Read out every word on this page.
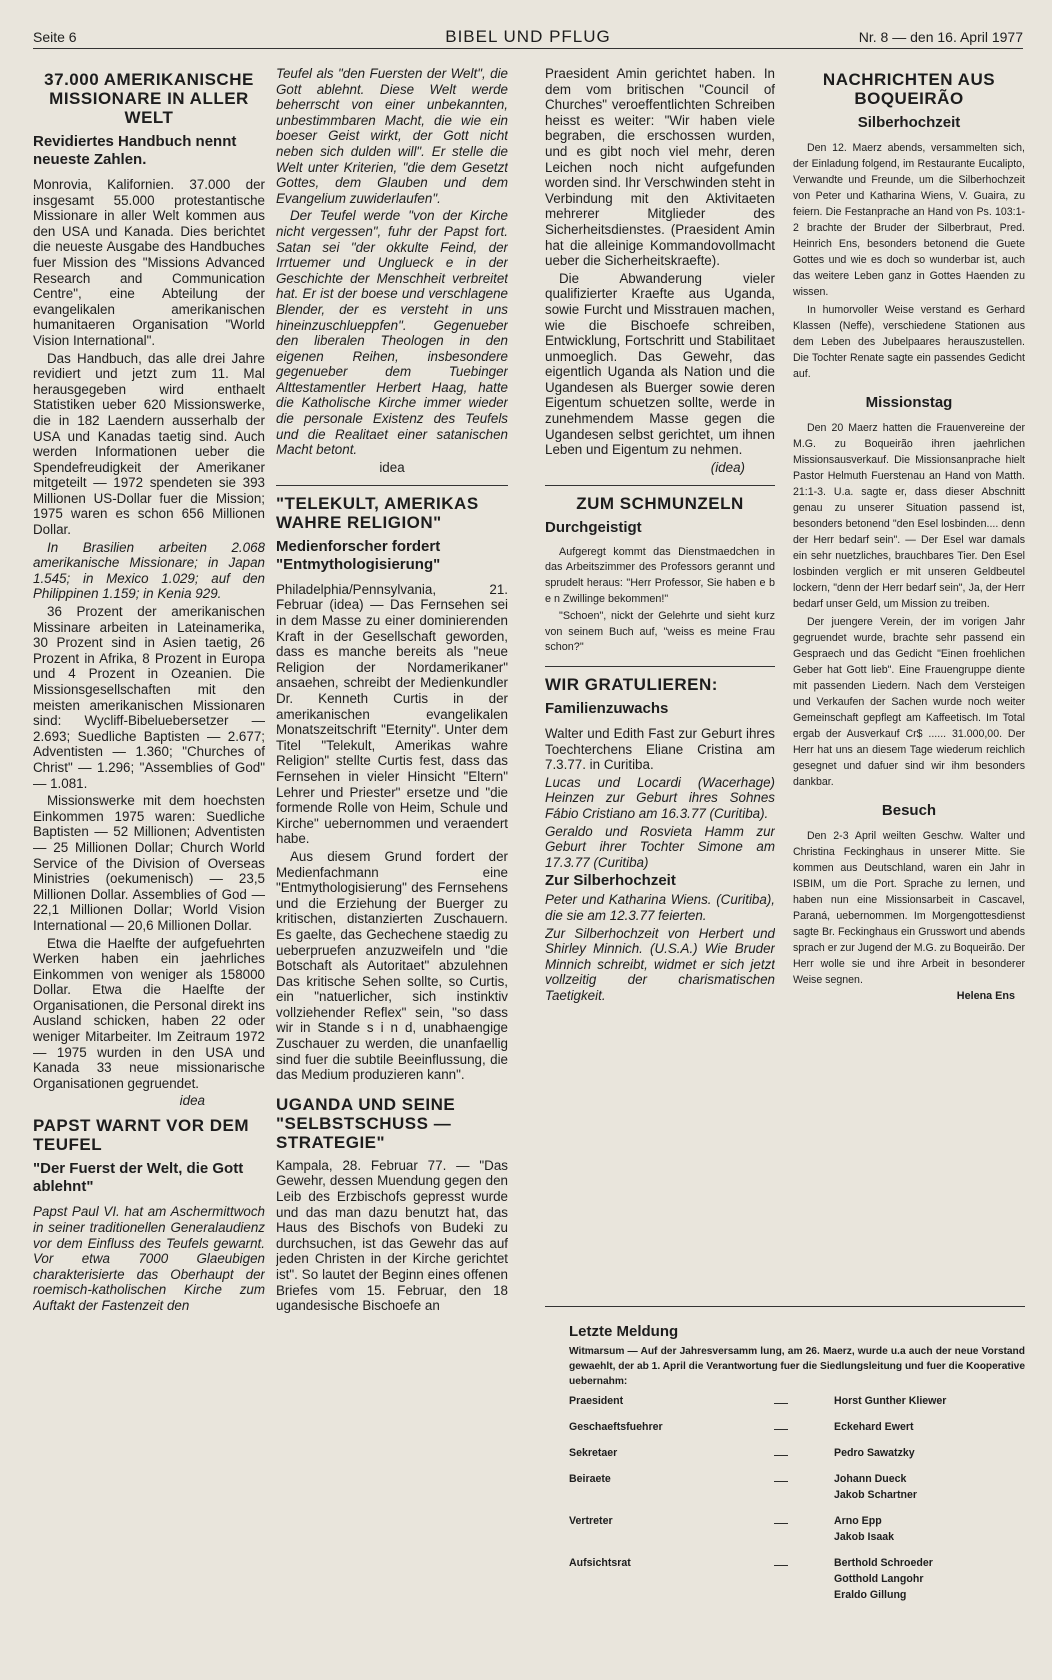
Seite 6	BIBEL UND PFLUG	Nr. 8 — den 16. April 1977
37.000 AMERIKANISCHE MISSIONARE IN ALLER WELT
Revidiertes Handbuch nennt neueste Zahlen.

Monrovia, Kalifornien. 37.000 der insgesamt 55.000 protestantische Missionare in aller Welt kommen aus den USA und Kanada. Dies berichtet die neueste Ausgabe des Handbuches fuer Mission des "Missions Advanced Research and Communication Centre", eine Abteilung der evangelikalen amerikanischen humanitaeren Organisation "World Vision International".

Das Handbuch, das alle drei Jahre revidiert und jetzt zum 11. Mal herausgegeben wird enthaelt Statistiken ueber 620 Missionswerke, die in 182 Laendern ausserhalb der USA und Kanadas taetig sind. Auch werden Informationen ueber die Spendefreudigkeit der Amerikaner mitgeteilt — 1972 spendeten sie 393 Millionen US-Dollar fuer die Mission; 1975 waren es schon 656 Millionen Dollar.

In Brasilien arbeiten 2.068 amerikanische Missionare; in Japan 1.545; in Mexico 1.029; auf den Philippinen 1.159; in Kenia 929.

36 Prozent der amerikanischen Missinare arbeiten in Lateinamerika, 30 Prozent sind in Asien taetig, 26 Prozent in Afrika, 8 Prozent in Europa und 4 Prozent in Ozeanien. Die Missionsgesellschaften mit den meisten amerikanischen Missionaren sind: Wycliff-Bibeluebersetzer — 2.693; Suedliche Baptisten — 2.677; Adventisten — 1.360; "Churches of Christ" — 1.296; "Assemblies of God" — 1.081.

Missionswerke mit dem hoechsten Einkommen 1975 waren: Suedliche Baptisten — 52 Millionen; Adventisten — 25 Millionen Dollar; Church World Service of the Division of Overseas Ministries (oekumenisch) — 23,5 Millionen Dollar. Assemblies of God — 22,1 Millionen Dollar; World Vision International — 20,6 Millionen Dollar.

Etwa die Haelfte der aufgefuehrten Werken haben ein jaehrliches Einkommen von weniger als 158000 Dollar. Etwa die Haelfte der Organisationen, die Personal direkt ins Ausland schicken, haben 22 oder weniger Mitarbeiter. Im Zeitraum 1972 — 1975 wurden in den USA und Kanada 33 neue missionarische Organisationen gegruendet.

idea
PAPST WARNT VOR DEM TEUFEL
"Der Fuerst der Welt, die Gott ablehnt"

Papst Paul VI. hat am Aschermittwoch in seiner traditionellen Generalaudienz vor dem Einfluss des Teufels gewarnt. Vor etwa 7000 Glaeubigen charakterisierte das Oberhaupt der roemisch-katholischen Kirche zum Auftakt der Fastenzeit den

Teufel als "den Fuersten der Welt", die Gott ablehnt. Diese Welt werde beherrscht von einer unbekannten, unbestimmbaren Macht, die wie ein boeser Geist wirkt, der Gott nicht neben sich dulden will". Er stelle die Welt unter Kriterien, "die dem Gesetzt Gottes, dem Glauben und dem Evangelium zuwiderlaufen".

Der Teufel werde "von der Kirche nicht vergessen", fuhr der Papst fort. Satan sei "der okkulte Feind, der Irrtuemer und Unglueck e in der Geschichte der Menschheit verbreitet hat. Er ist der boese und verschlagene Blender, der es versteht in uns hineinzuschlueppfen". Gegenueber den liberalen Theologen in den eigenen Reihen, insbesondere gegenueber dem Tuebinger Alttestamentler Herbert Haag, hatte die Katholische Kirche immer wieder die personale Existenz des Teufels und die Realitaet einer satanischen Macht betont.

idea
"TELEKULT, AMERIKAS WAHRE RELIGION"
Medienforscher fordert "Entmythologisierung"

Philadelphia/Pennsylvania, 21. Februar (idea) — Das Fernsehen sei in dem Masse zu einer dominierenden Kraft in der Gesellschaft geworden, dass es manche bereits als "neue Religion der Nordamerikaner" ansaehen, schreibt der Medienkundler Dr. Kenneth Curtis in der amerikanischen evangelikalen Monatszeitschrift "Eternity". Unter dem Titel "Telekult, Amerikas wahre Religion" stellte Curtis fest, dass das Fernsehen in vieler Hinsicht "Eltern" Lehrer und Priester" ersetze und "die formende Rolle von Heim, Schule und Kirche" uebernommen und veraendert habe.

Aus diesem Grund fordert der Medienfachmann eine "Entmythologisierung" des Fernsehens und die Erziehung der Buerger zu kritischen, distanzierten Zuschauern. Es gaelte, das Gechechene staedig zu ueberpruefen anzuzweifeln und "die Botschaft als Autoritaet" abzulehnen Das kritische Sehen sollte, so Curtis, ein "natuerlicher, sich instinktiv vollziehender Reflex" sein, "so dass wir in Stande s i n d, unabhaengige Zuschauer zu werden, die unanfaellig sind fuer die subtile Beeinflussung, die das Medium produzieren kann".

UGANDA UND SEINE "SELBSTSCHUSS — STRATEGIE"

Kampala, 28. Februar 77. — "Das Gewehr, dessen Muendung gegen den Leib des Erzbischofs gepresst wurde und das man dazu benutzt hat, das Haus des Bischofs von Budeki zu durchsuchen, ist das Gewehr das auf jeden Christen in der Kirche gerichtet ist". So lautet der Beginn eines offenen Briefes vom 15. Februar, den 18 ugandesische Bischoefe an

Praesident Amin gerichtet haben. In dem vom britischen "Council of Churches" veroeffentlichten Schreiben heisst es weiter: "Wir haben viele begraben, die erschossen wurden, und es gibt noch viel mehr, deren Leichen noch nicht aufgefunden worden sind. Ihr Verschwinden steht in Verbindung mit den Aktivitaeten mehrerer Mitglieder des Sicherheitsdienstes. (Praesident Amin hat die alleinige Kommandovollmacht ueber die Sicherheitskraefte).

Die Abwanderung vieler qualifizierter Kraefte aus Uganda, sowie Furcht und Misstrauen machen, wie die Bischoefe schreiben, Entwicklung, Fortschritt und Stabilitaet unmoeglich. Das Gewehr, das eigentlich Uganda als Nation und die Ugandesen als Buerger sowie deren Eigentum schuetzen sollte, werde in zunehmendem Masse gegen die Ugandesen selbst gerichtet, um ihnen Leben und Eigentum zu nehmen.

(idea)
ZUM SCHMUNZELN
Durchgeistigt

Aufgeregt kommt das Dienstmaedchen in das Arbeitszimmer des Professors gerannt und sprudelt heraus: "Herr Professor, Sie haben e b e n Zwillinge bekommen!"

"Schoen", nickt der Gelehrte und sieht kurz von seinem Buch auf, "weiss es meine Frau schon?"

WIR GRATULIEREN:
Familienzuwachs

Walter und Edith Fast zur Geburt ihres Toechterchens Eliane Cristina am 7.3.77. in Curitiba.

Lucas und Locardi (Wacerhage) Heinzen zur Geburt ihres Sohnes Fábio Cristiano am 16.3.77 (Curitiba).

Geraldo und Rosvieta Hamm zur Geburt ihrer Tochter Simone am 17.3.77 (Curitiba)

Zur Silberhochzeit

Peter und Katharina Wiens. (Curitiba), die sie am 12.3.77 feierten.

Zur Silberhochzeit von Herbert und Shirley Minnich. (U.S.A.) Wie Bruder Minnich schreibt, widmet er sich jetzt vollzeitig der charismatischen Taetigkeit.

NACHRICHTEN AUS BOQUEIRÃO
Silberhochzeit

Den 12. Maerz abends, versammelten sich, der Einladung folgend, im Restaurante Eucalipto, Verwandte und Freunde, um die Silberhochzeit von Peter und Katharina Wiens, V. Guaira, zu feiern. Die Festanprache an Hand von Ps. 103:1-2 brachte der Bruder der Silberbraut, Pred. Heinrich Ens, besonders betonend die Guete Gottes und wie es doch so wunderbar ist, auch das weitere Leben ganz in Gottes Haenden zu wissen.

In humorvoller Weise verstand es Gerhard Klassen (Neffe), verschiedene Stationen aus dem Leben des Jubelpaares herauszustellen. Die Tochter Renate sagte ein passendes Gedicht auf.

Missionstag

Den 20 Maerz hatten die Frauenvereine der M.G. zu Boqueirão ihren jaehrlichen Missionsausverkauf. Die Missionsanprache hielt Pastor Helmuth Fuerstenau an Hand von Matth. 21:1-3. U.a. sagte er, dass dieser Abschnitt genau zu unserer Situation passend ist, besonders betonend "den Esel losbinden.... denn der Herr bedarf sein". — Der Esel war damals ein sehr nuetzliches, brauchbares Tier. Den Esel losbinden verglich er mit unseren Geldbeutel lockern, "denn der Herr bedarf sein", Ja, der Herr bedarf unser Geld, um Mission zu treiben.

Der juengere Verein, der im vorigen Jahr gegruendet wurde, brachte sehr passend ein Gespraech und das Gedicht "Einen froehlichen Geber hat Gott lieb". Eine Frauengruppe diente mit passenden Liedern. Nach dem Versteigen und Verkaufen der Sachen wurde noch weiter Gemeinschaft gepflegt am Kaffeetisch. Im Total ergab der Ausverkauf Cr$ ...... 31.000,00. Der Herr hat uns an diesem Tage wiederum reichlich gesegnet und dafuer sind wir ihm besonders dankbar.

Besuch

Den 2-3 April weilten Geschw. Walter und Christina Feckinghaus in unserer Mitte. Sie kommen aus Deutschland, waren ein Jahr in ISBIM, um die Port. Sprache zu lernen, und haben nun eine Missionsarbeit in Cascavel, Paraná, uebernommen. Im Morgengottesdienst sagte Br. Feckinghaus ein Grusswort und abends sprach er zur Jugend der M.G. zu Boqueirão. Der Herr wolle sie und ihre Arbeit in besonderer Weise segnen.

Helena Ens
Letzte Meldung

Witmarsum — Auf der Jahresversamm lung, am 26. Maerz, wurde u.a auch der neue Vorstand gewaehlt, der ab 1. April die Verantwortung fuer die Siedlungsleitung und fuer die Kooperative uebernahm:

Praesident	—	Horst Gunther Kliewer
Geschaeftsfuehrer	—	Eckehard Ewert
Sekretaer	—	Pedro Sawatzky
Beiraete	—	Johann Dueck
		Jakob Schartner
Vertreter	—	Arno Epp
		Jakob Isaak
Aufsichtsrat	—	Berthold Schroeder
		Gotthold Langohr
		Eraldo Gillung
